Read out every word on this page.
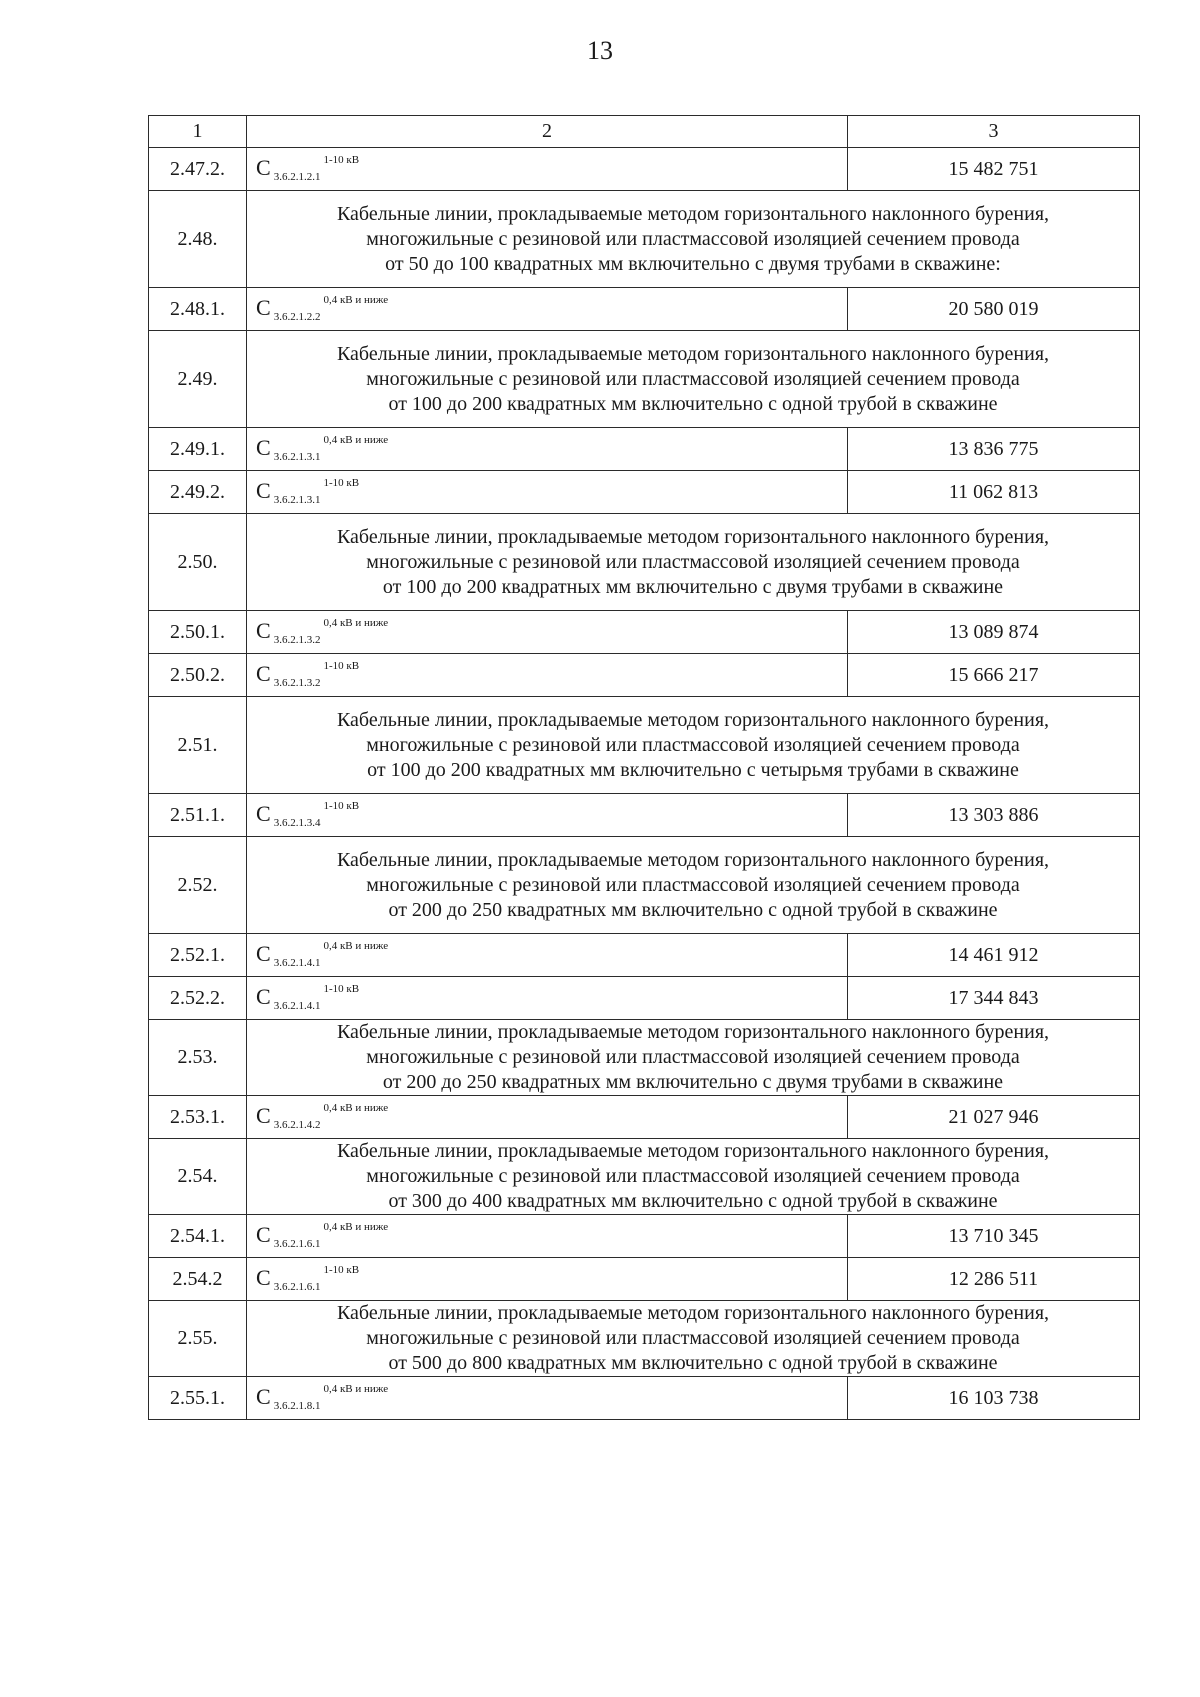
13
1	2	3
2.47.2.	C $_{3.6.2.1.2.1}^{1-10 кВ}$	15 482 751
2.48.	Кабельные линии, прокладываемые методом горизонтального наклонного бурения,
многожильные с резиновой или пластмассовой изоляцией сечением провода
от 50 до 100 квадратных мм включительно с двумя трубами в скважине:	

2.48.1.	C $_{3.6.2.1.2.2}^{0,4 кВ и ниже}$	20 580 019
2.49.	Кабельные линии, прокладываемые методом горизонтального наклонного бурения,
многожильные с резиновой или пластмассовой изоляцией сечением провода
от 100 до 200 квадратных мм включительно с одной трубой в скважине	

2.49.1.	C $_{3.6.2.1.3.1}^{0,4 кВ и ниже}$	13 836 775
2.49.2.	C $_{3.6.2.1.3.1}^{1-10 кВ}$	11 062 813
2.50.	Кабельные линии, прокладываемые методом горизонтального наклонного бурения,
многожильные с резиновой или пластмассовой изоляцией сечением провода
от 100 до 200 квадратных мм включительно с двумя трубами в скважине	

2.50.1.	C $_{3.6.2.1.3.2}^{0,4 кВ и ниже}$	13 089 874
2.50.2.	C $_{3.6.2.1.3.2}^{1-10 кВ}$	15 666 217
2.51.	Кабельные линии, прокладываемые методом горизонтального наклонного бурения,
многожильные с резиновой или пластмассовой изоляцией сечением провода
от 100 до 200 квадратных мм включительно с четырьмя трубами в скважине	

2.51.1.	C $_{3.6.2.1.3.4}^{1-10 кВ}$	13 303 886
2.52.	Кабельные линии, прокладываемые методом горизонтального наклонного бурения,
многожильные с резиновой или пластмассовой изоляцией сечением провода
от 200 до 250 квадратных мм включительно с одной трубой в скважине	

2.52.1.	C $_{3.6.2.1.4.1}^{0,4 кВ и ниже}$	14 461 912
2.52.2.	C $_{3.6.2.1.4.1}^{1-10 кВ}$	17 344 843
2.53.	Кабельные линии, прокладываемые методом горизонтального наклонного бурения,
многожильные с резиновой или пластмассовой изоляцией сечением провода
от 200 до 250 квадратных мм включительно с двумя трубами в скважине	

2.53.1.	C $_{3.6.2.1.4.2}^{0,4 кВ и ниже}$	21 027 946
2.54.	Кабельные линии, прокладываемые методом горизонтального наклонного бурения,
многожильные с резиновой или пластмассовой изоляцией сечением провода
от 300 до 400 квадратных мм включительно с одной трубой в скважине	

2.54.1.	C $_{3.6.2.1.6.1}^{0,4 кВ и ниже}$	13 710 345
2.54.2	C $_{3.6.2.1.6.1}^{1-10 кВ}$	12 286 511
2.55.	Кабельные линии, прокладываемые методом горизонтального наклонного бурения,
многожильные с резиновой или пластмассовой изоляцией сечением провода
от 500 до 800 квадратных мм включительно с одной трубой в скважине	

2.55.1.	C $_{3.6.2.1.8.1}^{0,4 кВ и ниже}$	16 103 738
